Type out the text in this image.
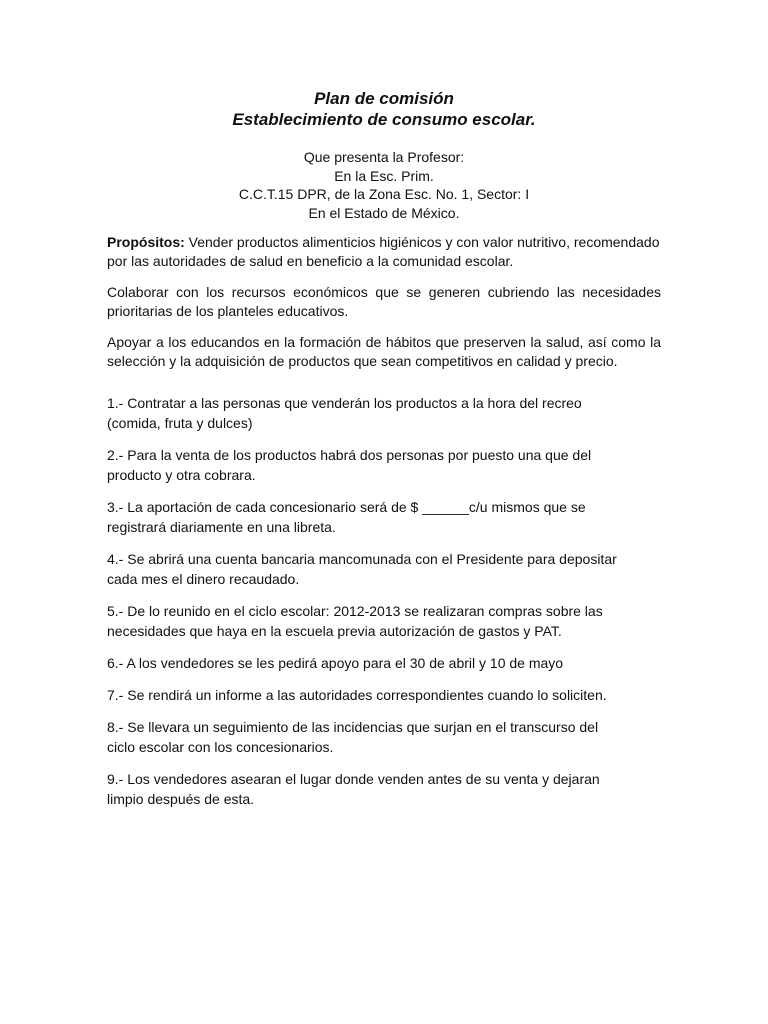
Plan de comisión
Establecimiento de consumo escolar.
Que presenta la Profesor:
En la Esc. Prim.
C.C.T.15 DPR, de la Zona Esc. No. 1, Sector: I
En el Estado de México.

Propósitos: Vender productos alimenticios higiénicos y con valor nutritivo, recomendado por las autoridades de salud en beneficio a la comunidad escolar.

Colaborar con los recursos económicos que se generen cubriendo las necesidades prioritarias de los planteles educativos.

Apoyar a los educandos en la formación de hábitos que preserven la salud, así como la selección y la adquisición de productos que sean competitivos en calidad y precio.

1.- Contratar a las personas que venderán los productos a la hora del recreo
(comida, fruta y dulces)
2.- Para la venta de los productos habrá dos personas por puesto una que del
producto y otra cobrara.
3.- La aportación de cada concesionario será de $ ______c/u mismos que se
registrará diariamente en una libreta.
4.- Se abrirá una cuenta bancaria mancomunada con el Presidente para depositar
cada mes el dinero recaudado.
5.- De lo reunido en el ciclo escolar: 2012-2013 se realizaran compras sobre las
necesidades que haya en la escuela previa autorización de gastos y PAT.
6.- A los vendedores se les pedirá apoyo para el 30 de abril y 10 de mayo
7.- Se rendirá un informe a las autoridades correspondientes cuando lo soliciten.
8.- Se llevara un seguimiento de las incidencias que surjan en el transcurso del
ciclo escolar con los concesionarios.
9.- Los vendedores asearan el lugar donde venden antes de su venta y dejaran
limpio después de esta.
